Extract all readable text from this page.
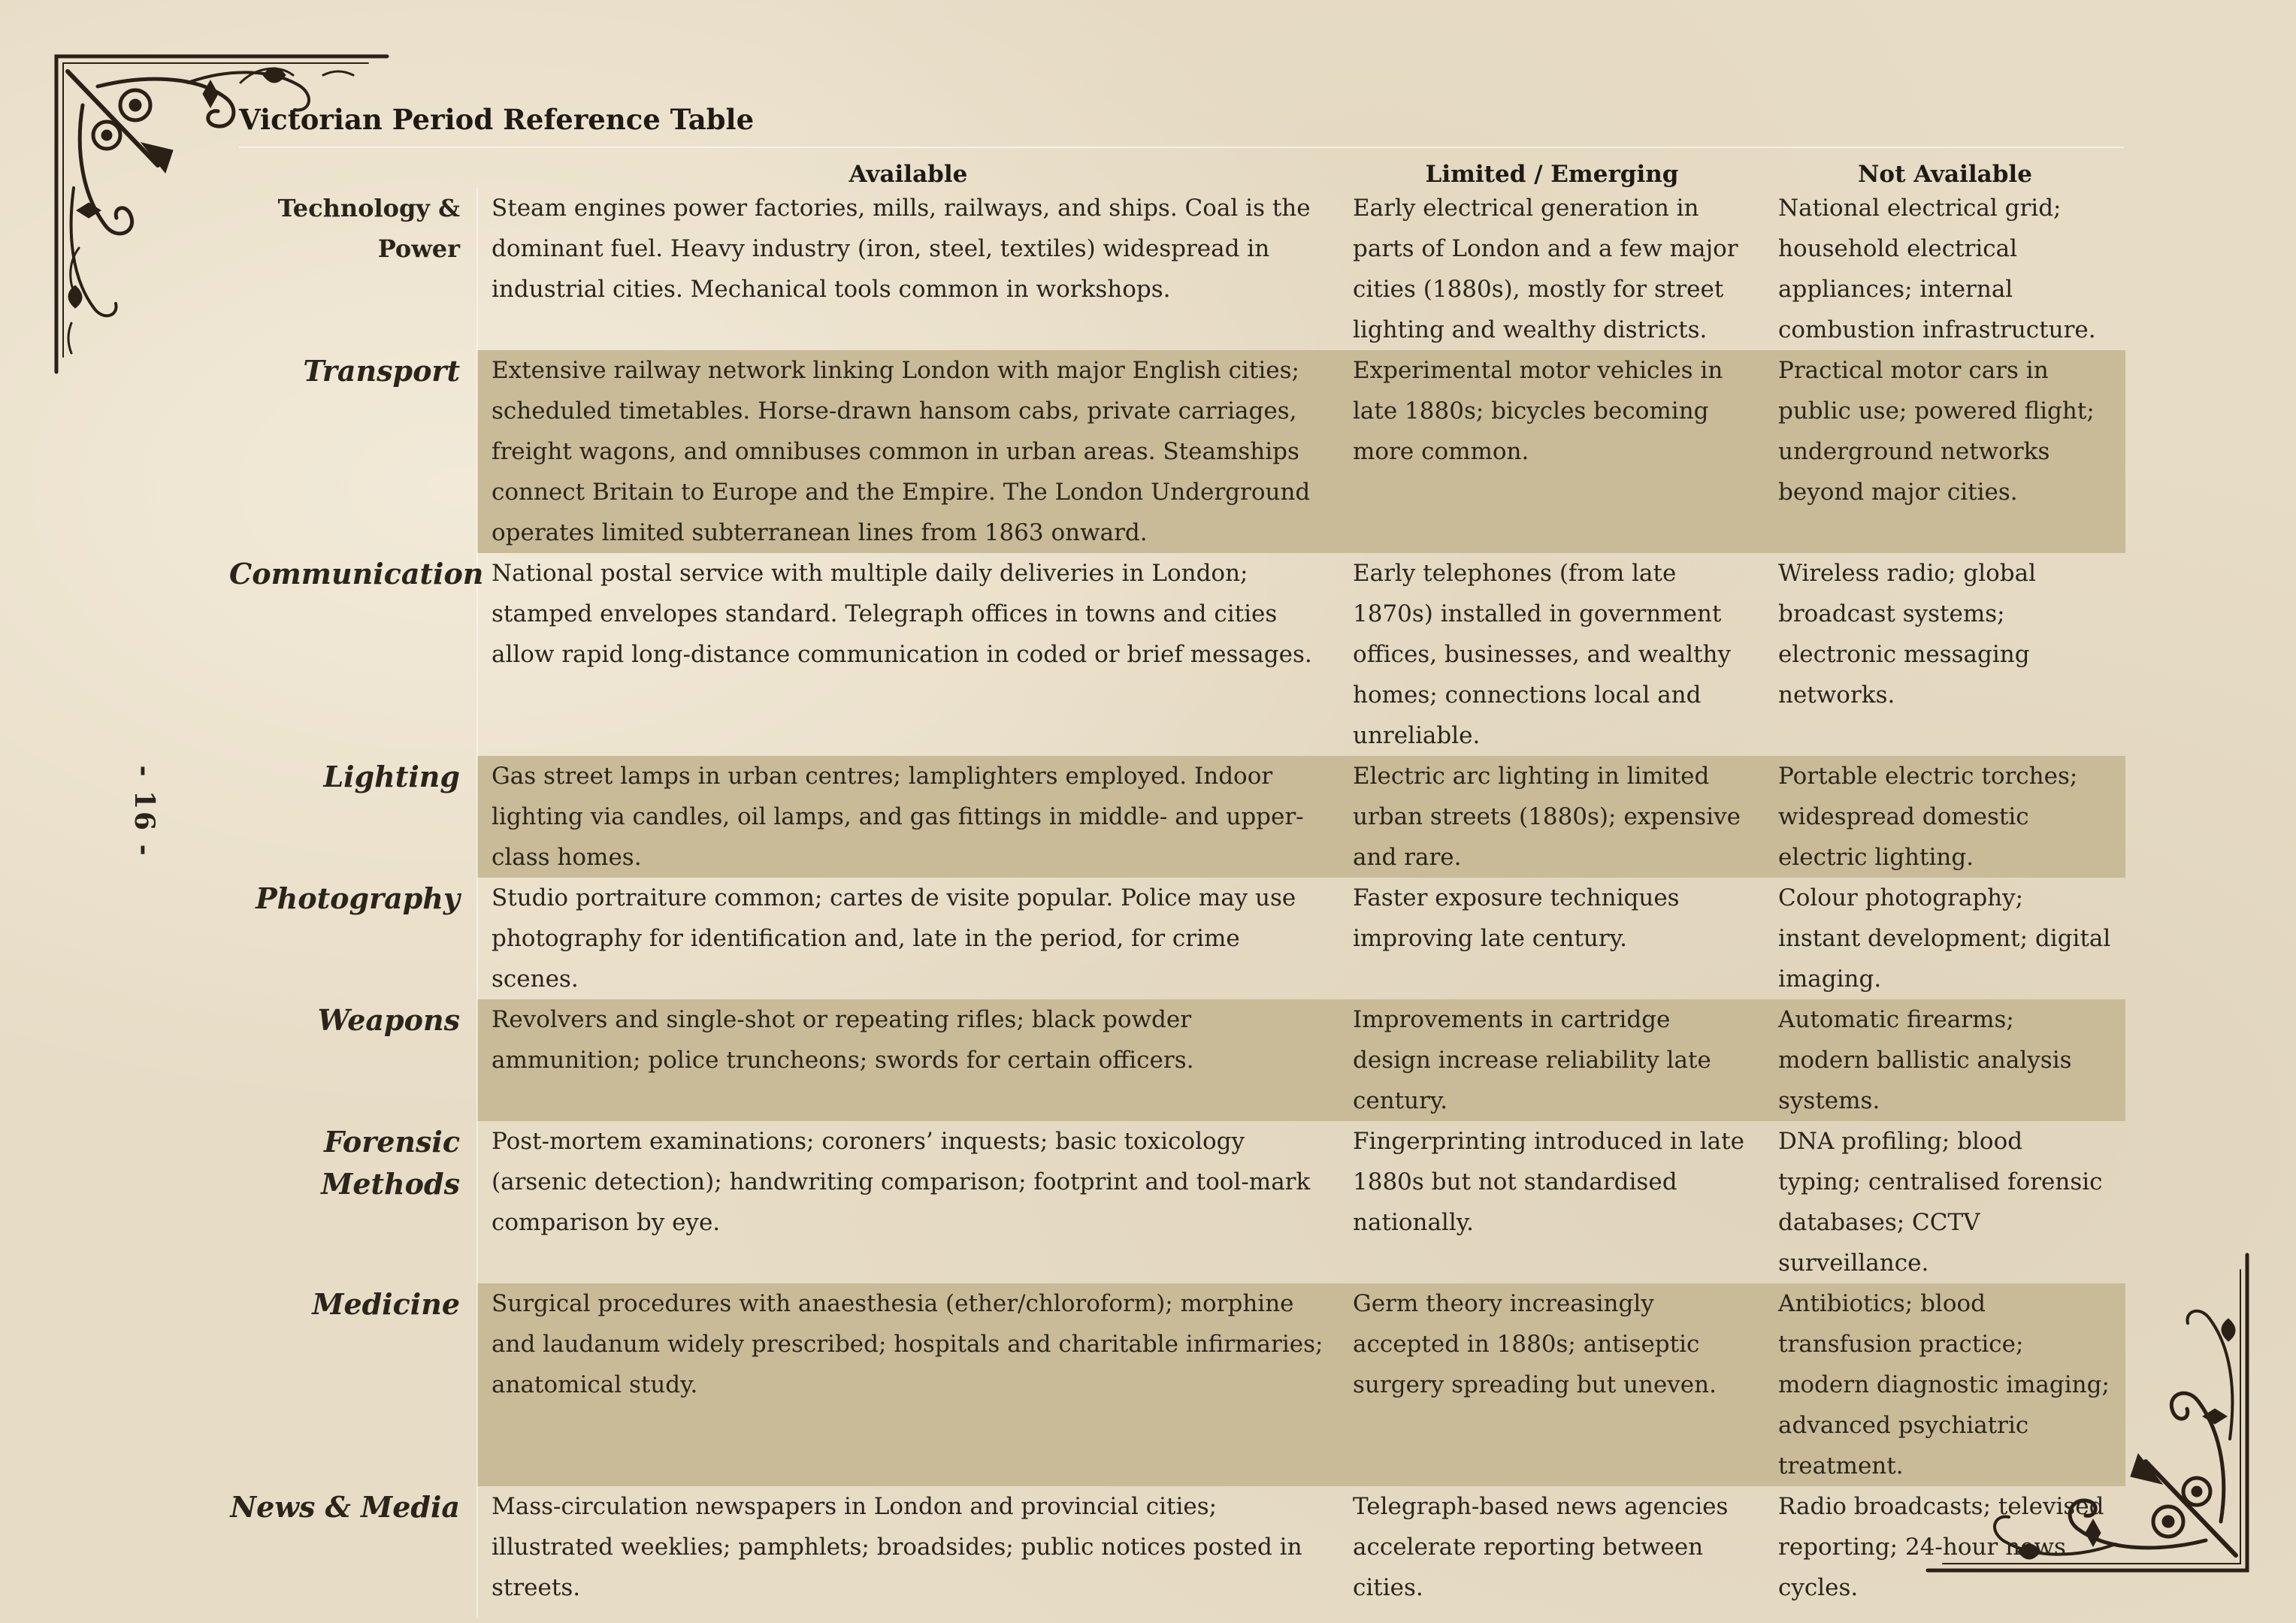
- 16 -
Victorian Period Reference Table
	Available	Limited / Emerging	Not Available
Technology & Power	Steam engines power factories, mills, railways, and ships. Coal is the dominant fuel. Heavy industry (iron, steel, textiles) widespread in industrial cities. Mechanical tools common in workshops.	Early electrical generation in parts of London and a few major cities (1880s), mostly for street lighting and wealthy districts.	National electrical grid; household electrical appliances; internal combustion infrastructure.
Transport	Extensive railway network linking London with major English cities; scheduled timetables. Horse-drawn hansom cabs, private carriages, freight wagons, and omnibuses common in urban areas. Steamships connect Britain to Europe and the Empire. The London Underground operates limited subterranean lines from 1863 onward.	Experimental motor vehicles in late 1880s; bicycles becoming more common.	Practical motor cars in public use; powered flight; underground networks beyond major cities.
Communication	National postal service with multiple daily deliveries in London; stamped envelopes standard. Telegraph offices in towns and cities allow rapid long-distance communication in coded or brief messages.	Early telephones (from late 1870s) installed in government offices, businesses, and wealthy homes; connections local and unreliable.	Wireless radio; global broadcast systems; electronic messaging networks.
Lighting	Gas street lamps in urban centres; lamplighters employed. Indoor lighting via candles, oil lamps, and gas fittings in middle- and upper-class homes.	Electric arc lighting in limited urban streets (1880s); expensive and rare.	Portable electric torches; widespread domestic electric lighting.
Photography	Studio portraiture common; cartes de visite popular. Police may use photography for identification and, late in the period, for crime scenes.	Faster exposure techniques improving late century.	Colour photography; instant development; digital imaging.
Weapons	Revolvers and single-shot or repeating rifles; black powder ammunition; police truncheons; swords for certain officers.	Improvements in cartridge design increase reliability late century.	Automatic firearms; modern ballistic analysis systems.
Forensic Methods	Post-mortem examinations; coroners’ inquests; basic toxicology (arsenic detection); handwriting comparison; footprint and tool-mark comparison by eye.	Fingerprinting introduced in late 1880s but not standardised nationally.	DNA profiling; blood typing; centralised forensic databases; CCTV surveillance.
Medicine	Surgical procedures with anaesthesia (ether/chloroform); morphine and laudanum widely prescribed; hospitals and charitable infirmaries; anatomical study.	Germ theory increasingly accepted in 1880s; antiseptic surgery spreading but uneven.	Antibiotics; blood transfusion practice; modern diagnostic imaging; advanced psychiatric treatment.
News & Media	Mass-circulation newspapers in London and provincial cities; illustrated weeklies; pamphlets; broadsides; public notices posted in streets.	Telegraph-based news agencies accelerate reporting between cities.	Radio broadcasts; televised reporting; 24-hour news cycles.
